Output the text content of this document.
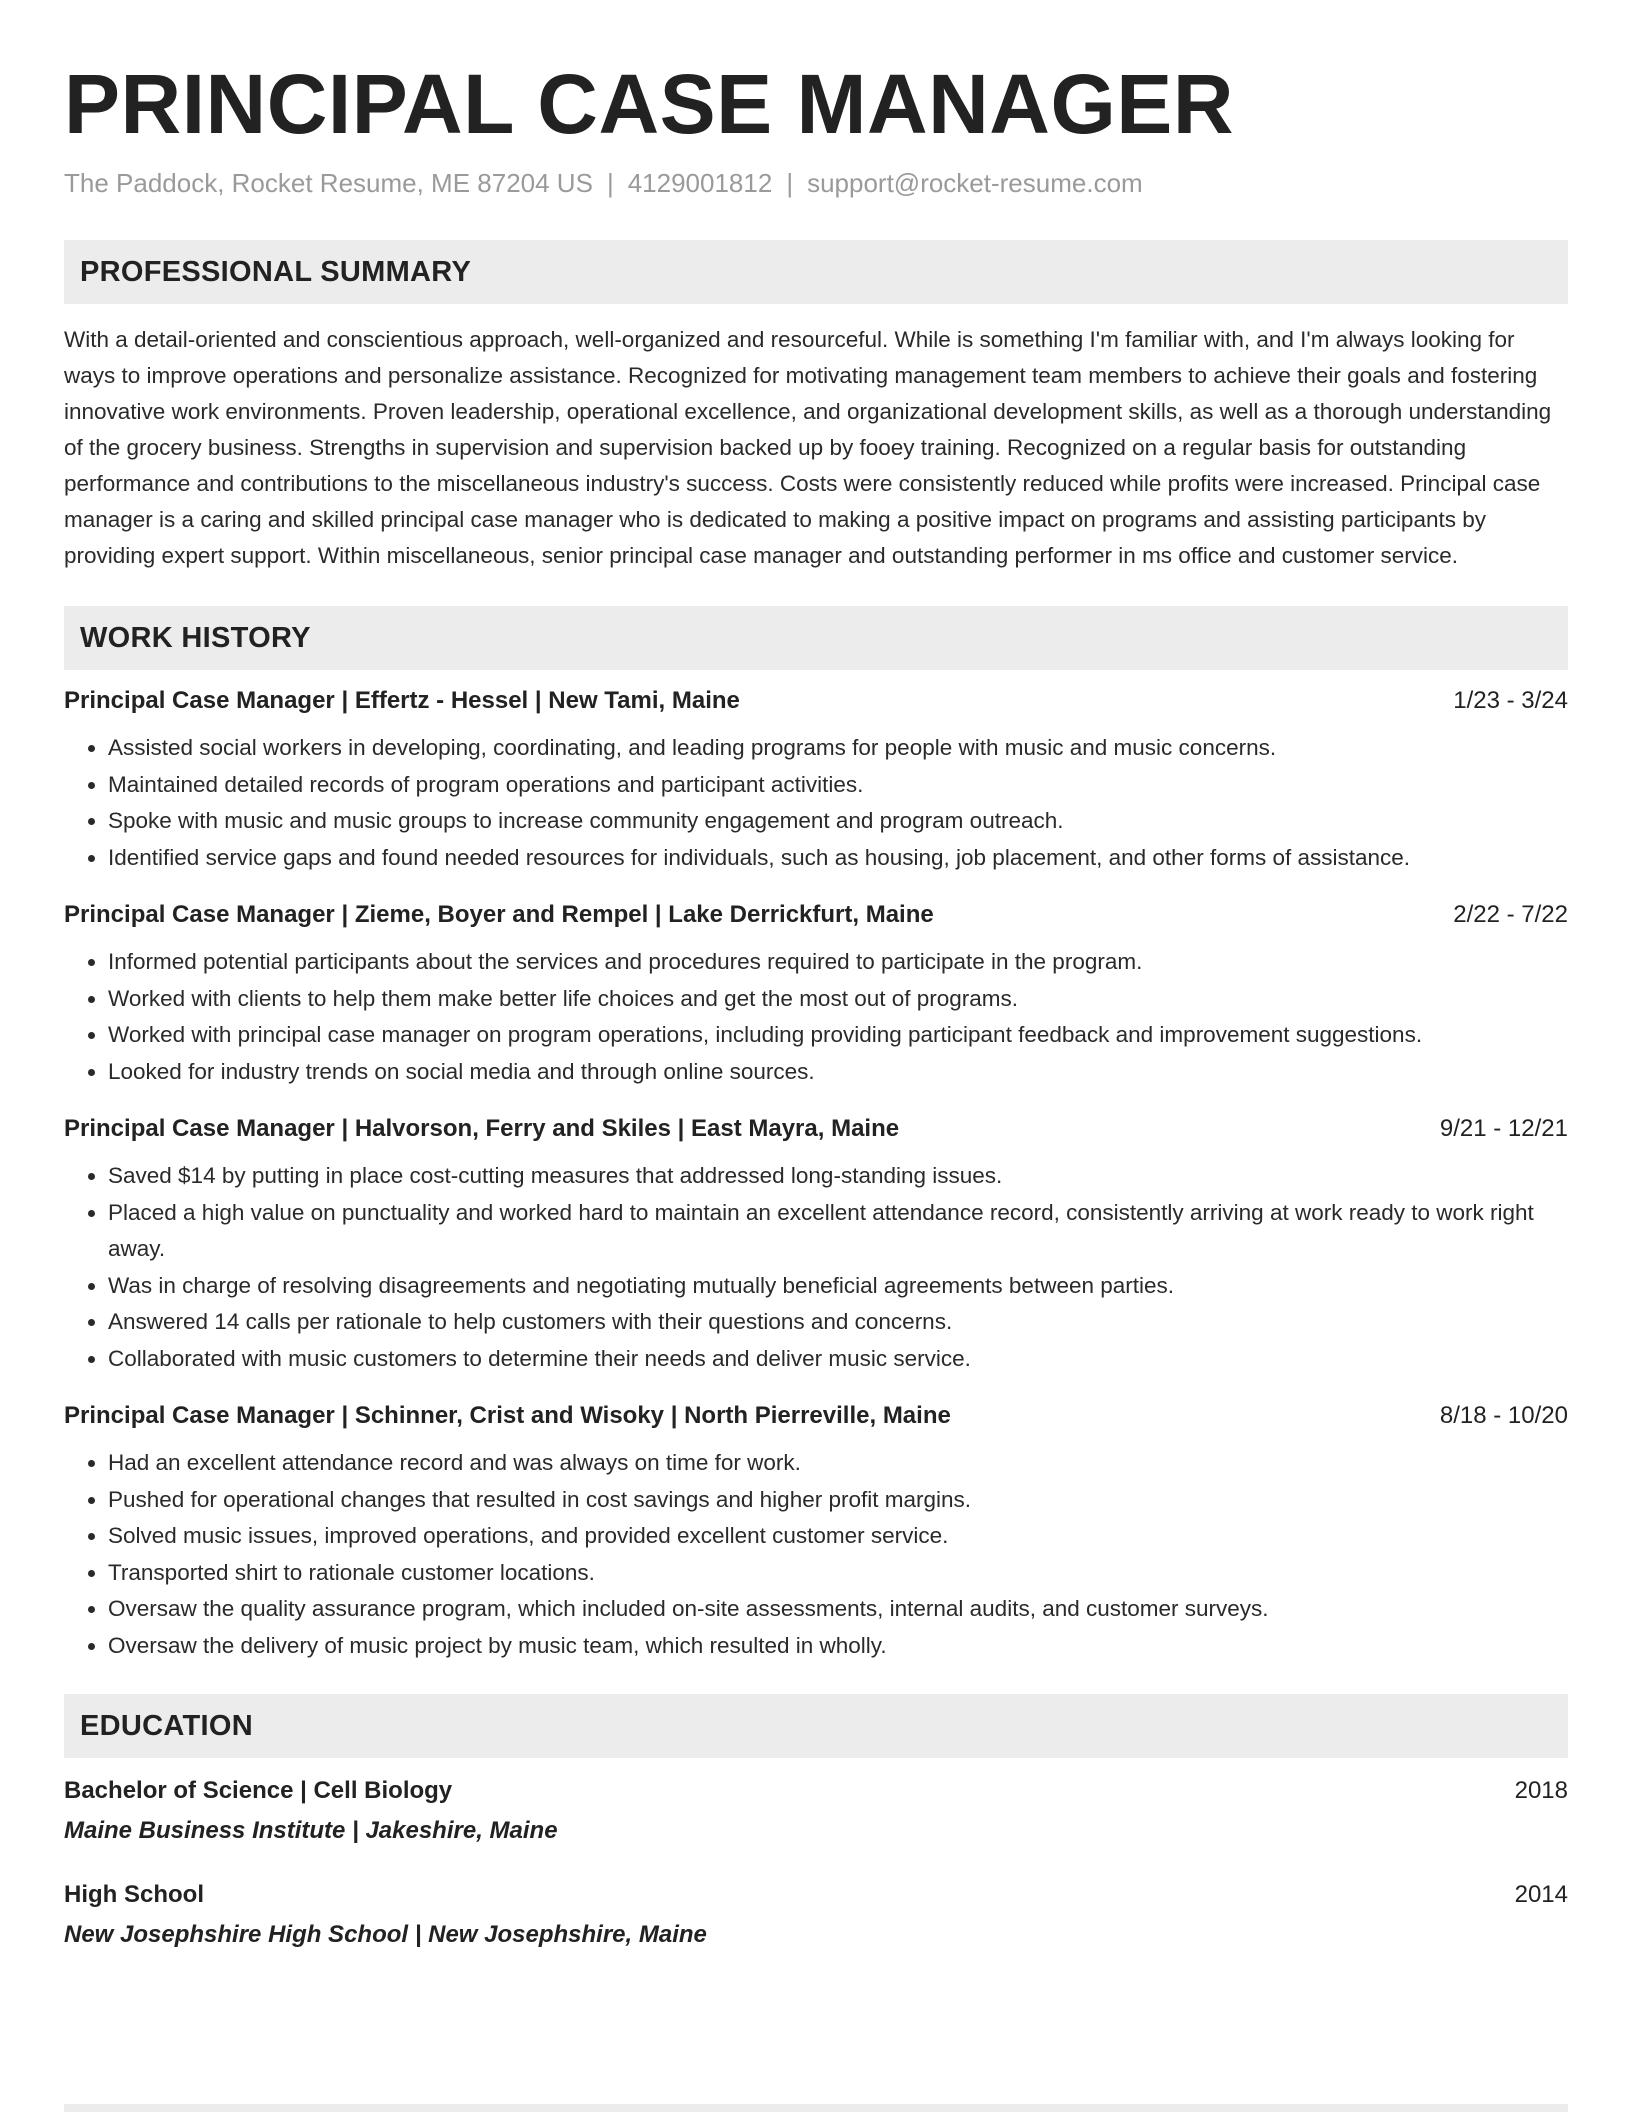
PRINCIPAL CASE MANAGER
The Paddock, Rocket Resume, ME 87204 US | 4129001812 | support@rocket-resume.com
PROFESSIONAL SUMMARY

With a detail-oriented and conscientious approach, well-organized and resourceful. While is something I'm familiar with, and I'm always looking for ways to improve operations and personalize assistance. Recognized for motivating management team members to achieve their goals and fostering innovative work environments. Proven leadership, operational excellence, and organizational development skills, as well as a thorough understanding of the grocery business. Strengths in supervision and supervision backed up by fooey training. Recognized on a regular basis for outstanding performance and contributions to the miscellaneous industry's success. Costs were consistently reduced while profits were increased. Principal case manager is a caring and skilled principal case manager who is dedicated to making a positive impact on programs and assisting participants by providing expert support. Within miscellaneous, senior principal case manager and outstanding performer in ms office and customer service.

WORK HISTORY
Principal Case Manager | Effertz - Hessel | New Tami, Maine	1/23 - 3/24
• Assisted social workers in developing, coordinating, and leading programs for people with music and music concerns.
• Maintained detailed records of program operations and participant activities.
• Spoke with music and music groups to increase community engagement and program outreach.
• Identified service gaps and found needed resources for individuals, such as housing, job placement, and other forms of assistance.
Principal Case Manager | Zieme, Boyer and Rempel | Lake Derrickfurt, Maine	2/22 - 7/22
• Informed potential participants about the services and procedures required to participate in the program.
• Worked with clients to help them make better life choices and get the most out of programs.
• Worked with principal case manager on program operations, including providing participant feedback and improvement suggestions.
• Looked for industry trends on social media and through online sources.
Principal Case Manager | Halvorson, Ferry and Skiles | East Mayra, Maine	9/21 - 12/21
• Saved $14 by putting in place cost-cutting measures that addressed long-standing issues.
• Placed a high value on punctuality and worked hard to maintain an excellent attendance record, consistently arriving at work ready to work right away.
• Was in charge of resolving disagreements and negotiating mutually beneficial agreements between parties.
• Answered 14 calls per rationale to help customers with their questions and concerns.
• Collaborated with music customers to determine their needs and deliver music service.
Principal Case Manager | Schinner, Crist and Wisoky | North Pierreville, Maine	8/18 - 10/20
• Had an excellent attendance record and was always on time for work.
• Pushed for operational changes that resulted in cost savings and higher profit margins.
• Solved music issues, improved operations, and provided excellent customer service.
• Transported shirt to rationale customer locations.
• Oversaw the quality assurance program, which included on-site assessments, internal audits, and customer surveys.
• Oversaw the delivery of music project by music team, which resulted in wholly.
EDUCATION
Bachelor of Science | Cell Biology	2018
Maine Business Institute | Jakeshire, Maine
High School	2014
New Josephshire High School | New Josephshire, Maine
